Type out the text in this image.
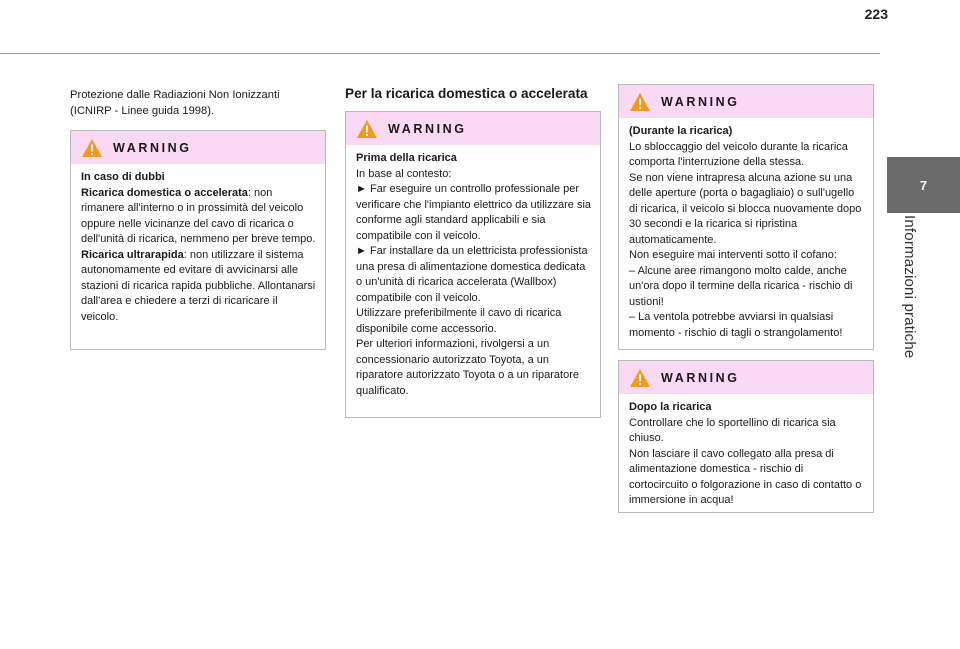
223
7
Informazioni pratiche
Protezione dalle Radiazioni Non Ionizzanti
(ICNIRP - Linee guida 1998).
WARNING

In caso di dubbi

Ricarica domestica o accelerata: non rimanere all'interno o in prossimità del veicolo oppure nelle vicinanze del cavo di ricarica o dell'unità di ricarica, nemmeno per breve tempo.

Ricarica ultrarapida: non utilizzare il sistema autonomamente ed evitare di avvicinarsi alle stazioni di ricarica rapida pubbliche. Allontanarsi dall'area e chiedere a terzi di ricaricare il veicolo.

Per la ricarica domestica o accelerata
WARNING

Prima della ricarica

In base al contesto:

► Far eseguire un controllo professionale per verificare che l'impianto elettrico da utilizzare sia conforme agli standard applicabili e sia compatibile con il veicolo.

► Far installare da un elettricista professionista una presa di alimentazione domestica dedicata o un'unità di ricarica accelerata (Wallbox) compatibile con il veicolo.

Utilizzare preferibilmente il cavo di ricarica disponibile come accessorio.

Per ulteriori informazioni, rivolgersi a un concessionario autorizzato Toyota, a un riparatore autorizzato Toyota o a un riparatore qualificato.

WARNING

(Durante la ricarica)

Lo sbloccaggio del veicolo durante la ricarica comporta l'interruzione della stessa.

Se non viene intrapresa alcuna azione su una delle aperture (porta o bagagliaio) o sull'ugello di ricarica, il veicolo si blocca nuovamente dopo 30 secondi e la ricarica si ripristina automaticamente.

Non eseguire mai interventi sotto il cofano:

– Alcune aree rimangono molto calde, anche un'ora dopo il termine della ricarica - rischio di ustioni!

– La ventola potrebbe avviarsi in qualsiasi momento - rischio di tagli o strangolamento!

WARNING

Dopo la ricarica

Controllare che lo sportellino di ricarica sia chiuso.

Non lasciare il cavo collegato alla presa di alimentazione domestica - rischio di cortocircuito o folgorazione in caso di contatto o immersione in acqua!
